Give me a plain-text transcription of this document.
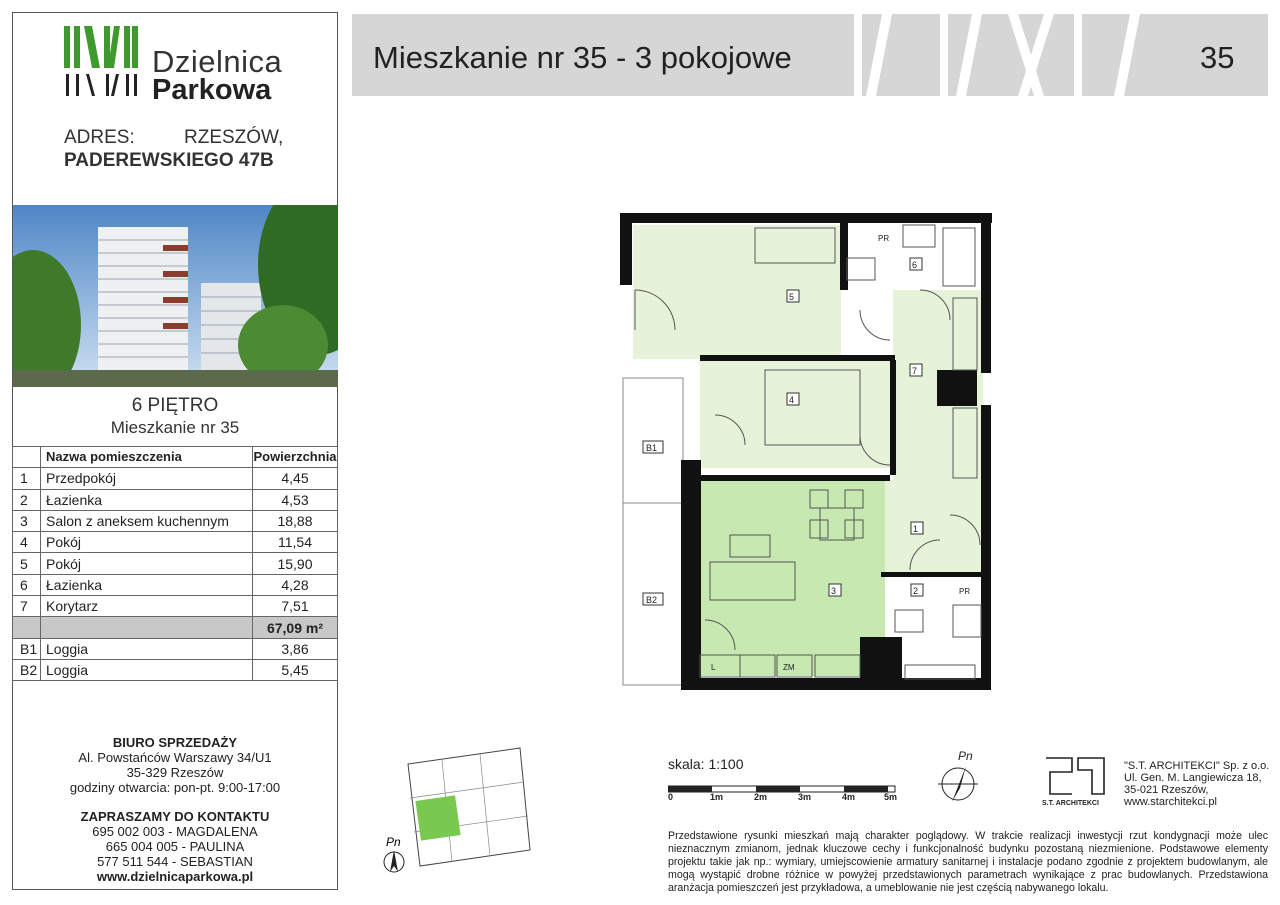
Dzielnica
Parkowa
ADRES:	RZESZÓW,
PADEREWSKIEGO 47B
6 PIĘTRO
Mieszkanie nr 35
	Nazwa pomieszczenia	Powierzchnia
1	Przedpokój	4,45
2	Łazienka	4,53
3	Salon z aneksem kuchennym	18,88
4	Pokój	11,54
5	Pokój	15,90
6	Łazienka	4,28
7	Korytarz	7,51
		67,09 m²
B1	Loggia	3,86
B2	Loggia	5,45
BIURO SPRZEDAŻY
Al. Powstańców Warszawy 34/U1
35-329 Rzeszów
godziny otwarcia: pon-pt. 9:00-17:00
ZAPRASZAMY DO KONTAKTU
695 002 003 - MAGDALENA
665 004 005 - PAULINA
577 511 544 - SEBASTIAN
www.dzielnicaparkowa.pl
Mieszkanie nr 35 - 3 pokojowe	35
5
6
7
4
3
1
2
PR
PR
L	ZM
B1
B2
Pn
skala: 1:100
0	1m	2m	3m	4m	5m
Pn
S.T. ARCHITEKCI
"S.T. ARCHITEKCI" Sp. z o.o.
Ul. Gen. M. Langiewicza 18,
35-021 Rzeszów,
www.starchitekci.pl
Przedstawione rysunki mieszkań mają charakter poglądowy. W trakcie realizacji inwestycji rzut kondygnacji może ulec nieznacznym zmianom, jednak kluczowe cechy i funkcjonalność budynku pozostaną niezmienione. Podstawowe elementy projektu takie jak np.: wymiary, umiejscowienie armatury sanitarnej i instalacje podano zgodnie z projektem budowlanym, ale mogą wystąpić drobne różnice w powyżej przedstawionych parametrach wynikające z prac budowlanych. Przedstawiona aranżacja pomieszczeń jest przykładowa, a umeblowanie nie jest częścią nabywanego lokalu.
